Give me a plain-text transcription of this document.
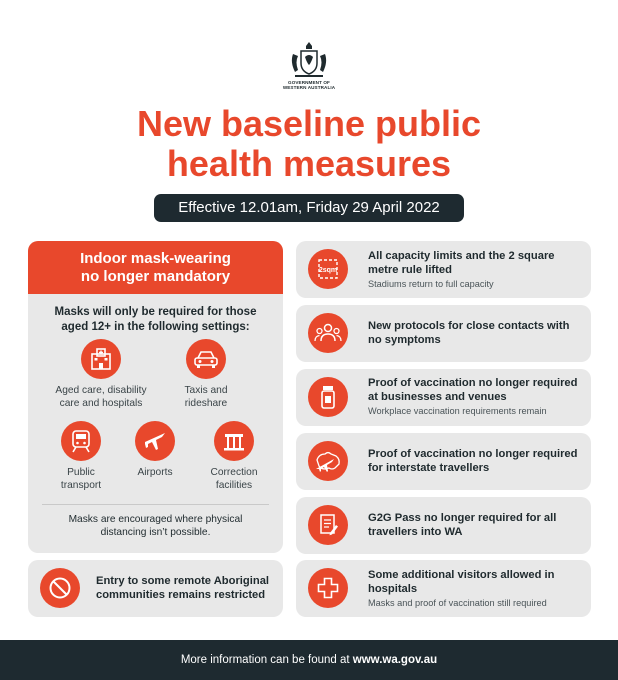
GOVERNMENT OF
WESTERN AUSTRALIA
New baseline public
health measures
Effective 12.01am, Friday 29 April 2022
Indoor mask-wearing
no longer mandatory
Masks will only be required for those aged 12+ in the following settings:
Aged care, disability
care and hospitals
Taxis and
rideshare
Public
transport
Airports	Correction
facilities
Masks are encouraged where physical distancing isn’t possible.
Entry to some remote Aboriginal communities remains restricted
2sqm
All capacity limits and the 2 square metre rule lifted
Stadiums return to full capacity
New protocols for close contacts with no symptoms
Proof of vaccination no longer required at businesses and venues
Workplace vaccination requirements remain
Proof of vaccination no longer required for interstate travellers
G2G Pass no longer required for all travellers into WA
Some additional visitors allowed in hospitals
Masks and proof of vaccination still required
More information can be found at www.wa.gov.au
